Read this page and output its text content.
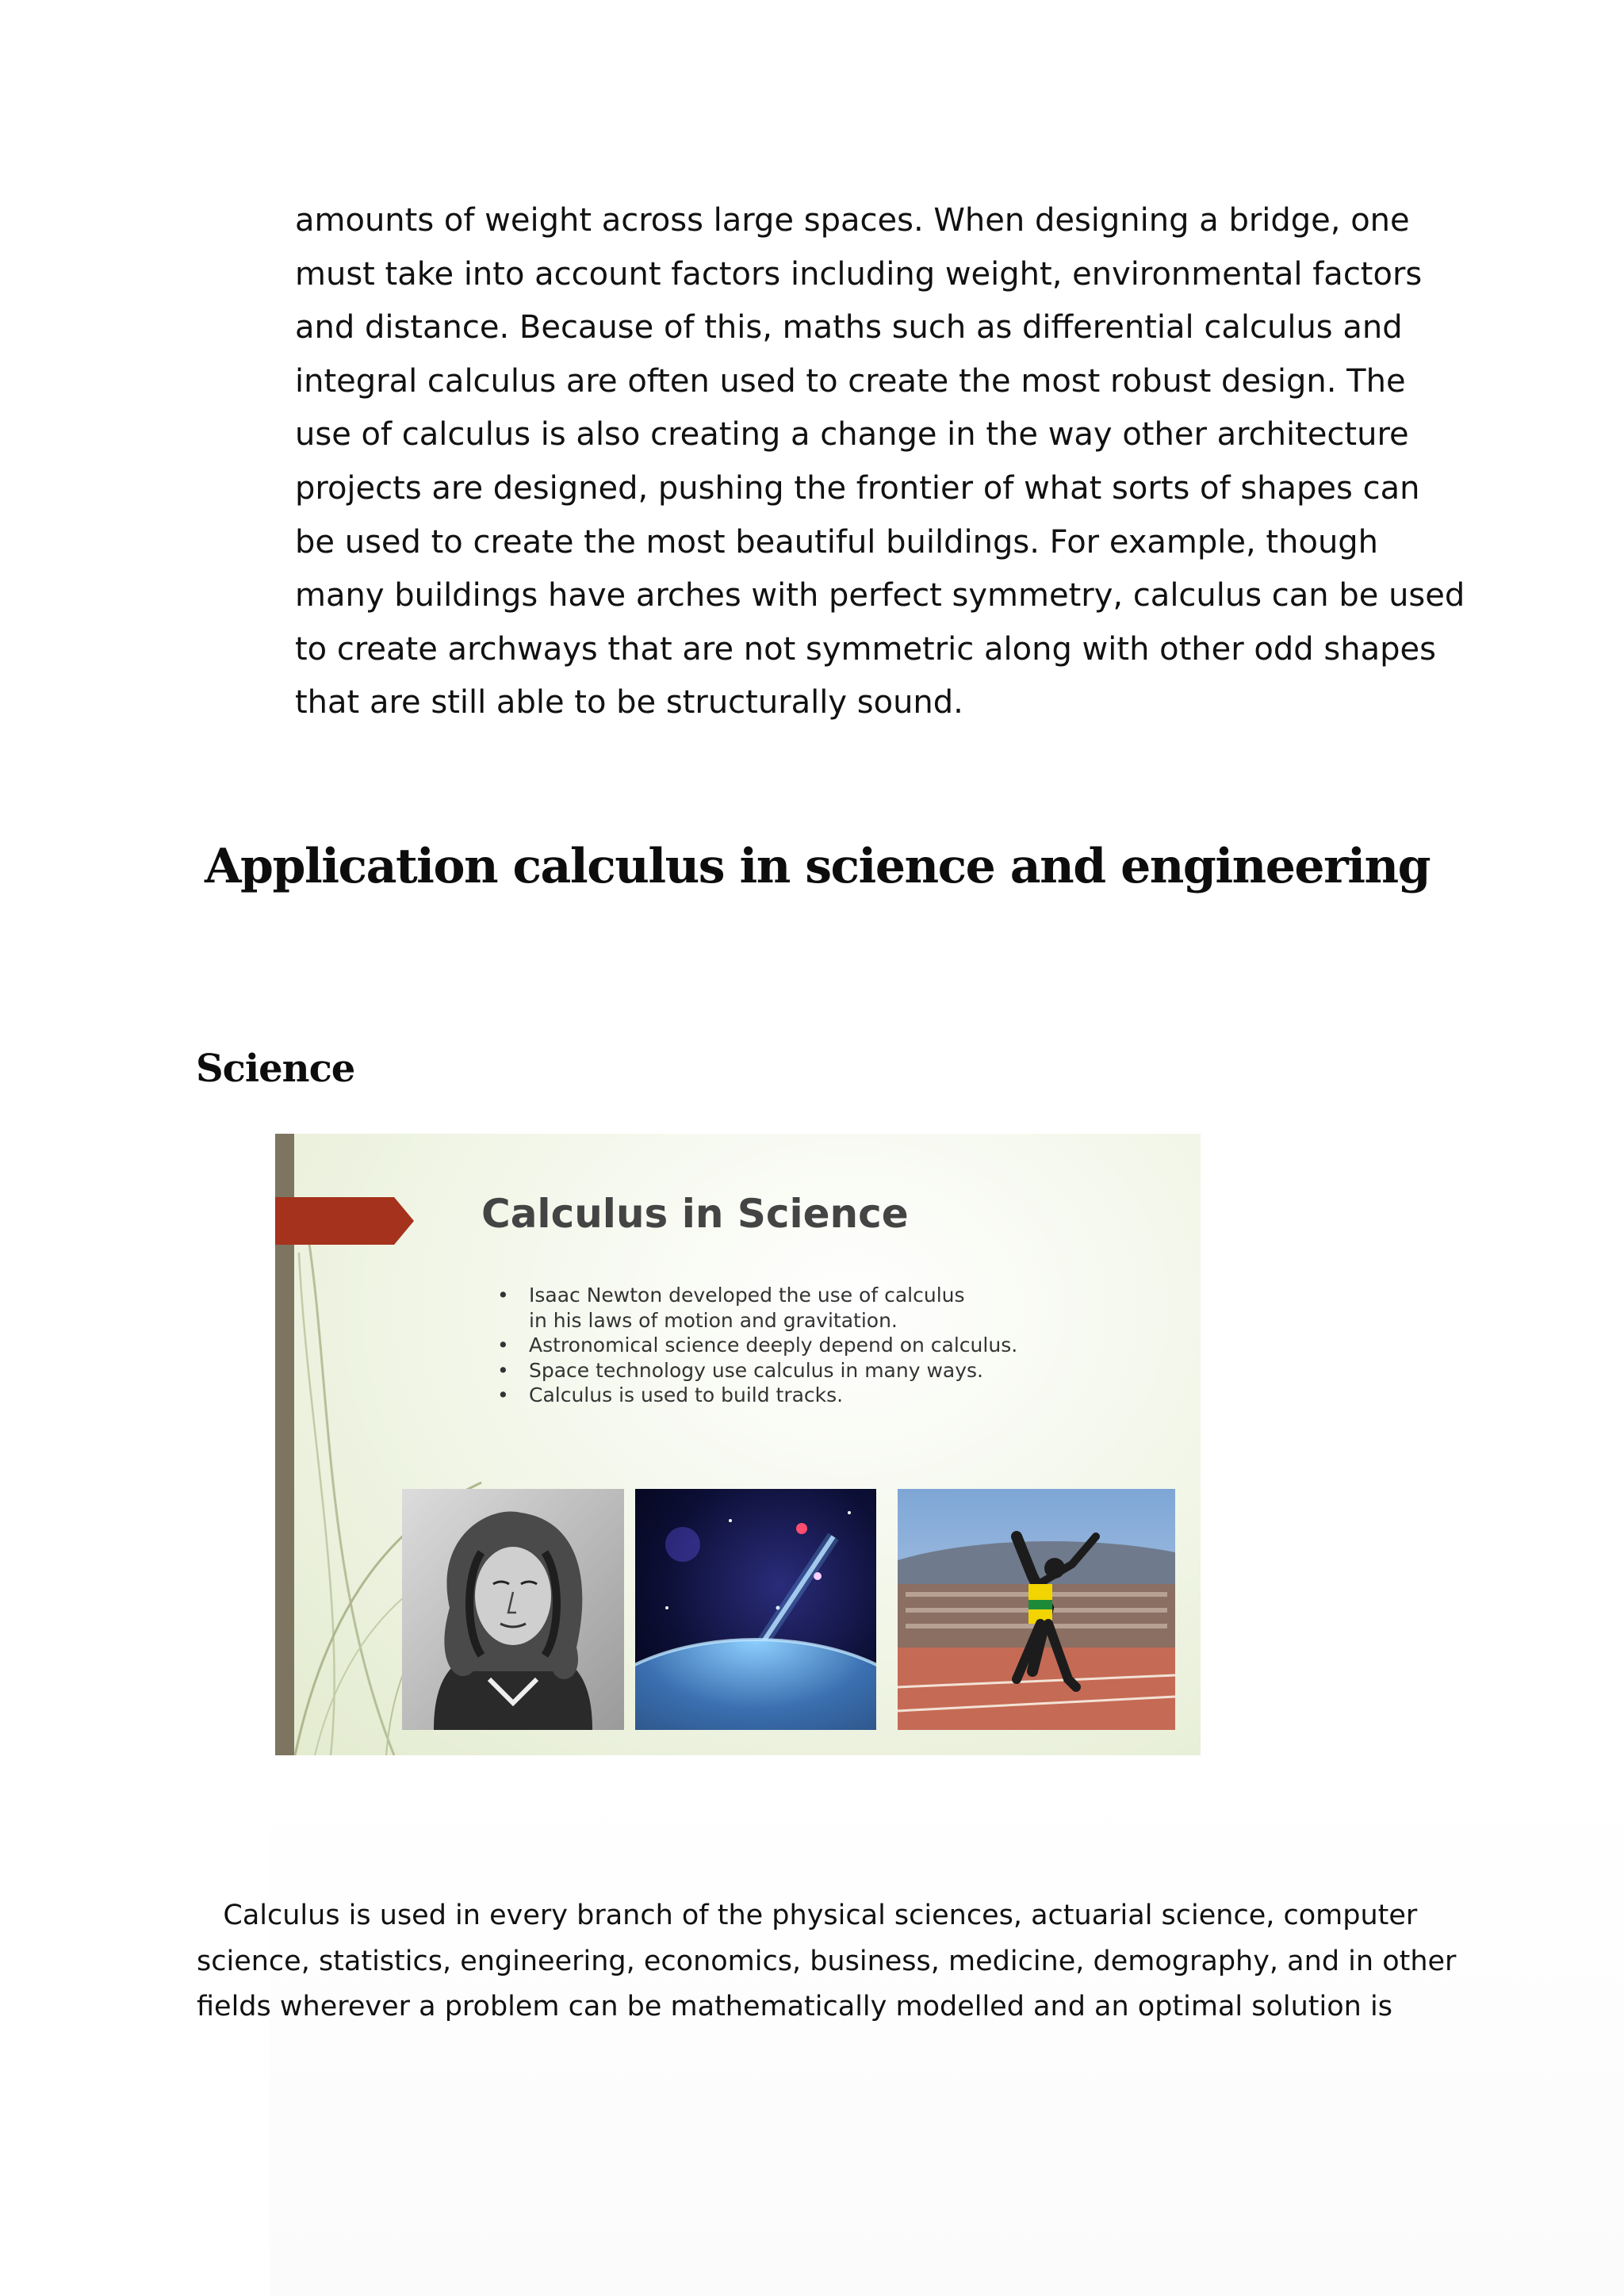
amounts of weight across large spaces. When designing a bridge, one
must take into account factors including weight, environmental factors
and distance. Because of this, maths such as differential calculus and
integral calculus are often used to create the most robust design. The
use of calculus is also creating a change in the way other architecture
projects are designed, pushing the frontier of what sorts of shapes can
be used to create the most beautiful buildings. For example, though
many buildings have arches with perfect symmetry, calculus can be used
to create archways that are not symmetric along with other odd shapes
that are still able to be structurally sound.

Application calculus in science and engineering
Science
Calculus in Science
• Isaac Newton developed the use of calculus
in his laws of motion and gravitation.
• Astronomical science deeply depend on calculus.
• Space technology use calculus in many ways.
• Calculus is used to build tracks.

Calculus is used in every branch of the physical sciences, actuarial science, computer
science, statistics, engineering, economics, business, medicine, demography, and in other
fields wherever a problem can be mathematically modelled and an optimal solution is
